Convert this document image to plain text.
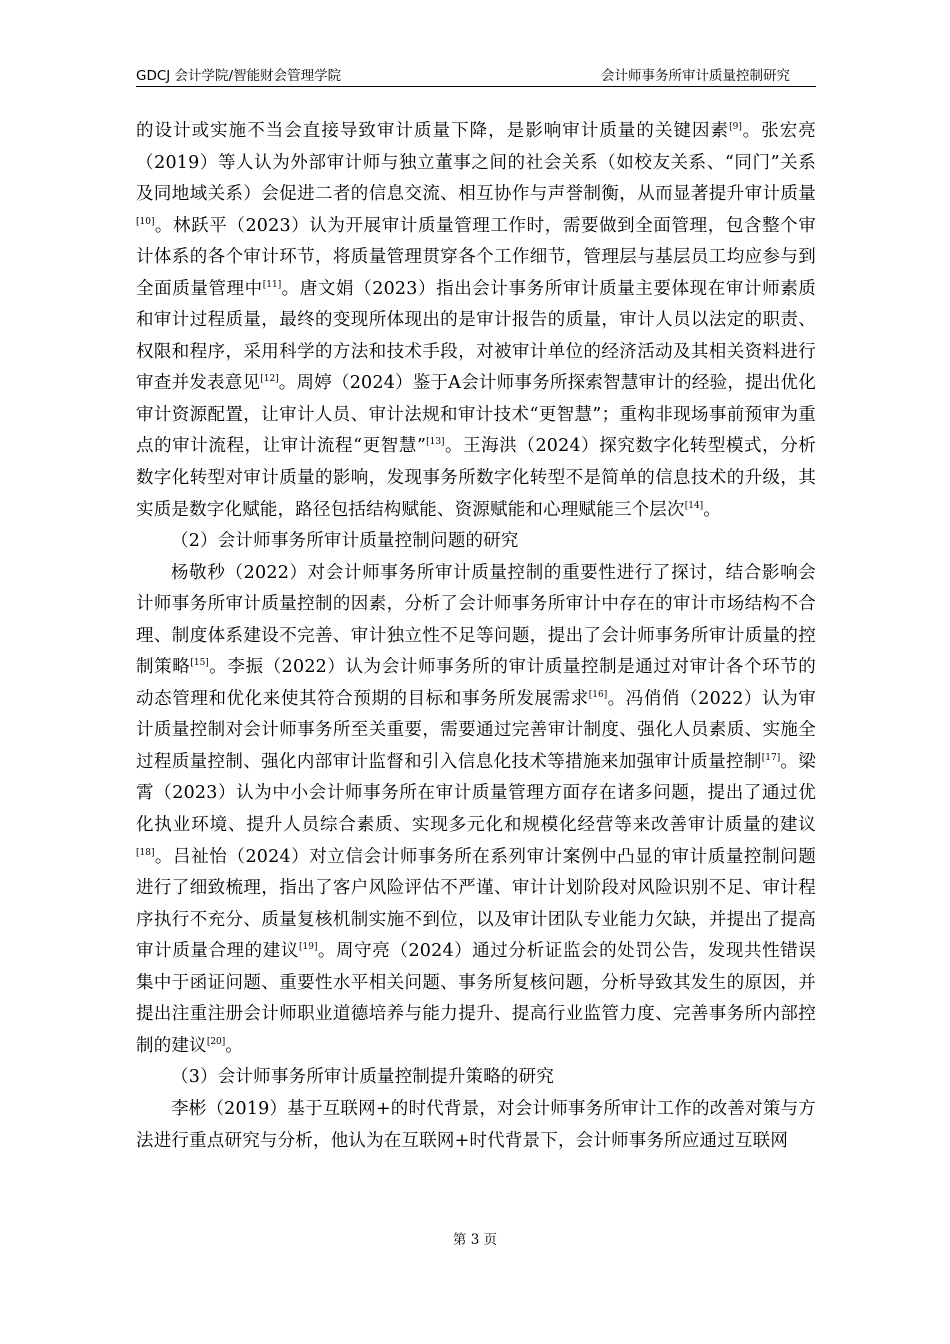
GDCJ 会计学院/智能财会管理学院	会计师事务所审计质量控制研究

的设计或实施不当会直接导致审计质量下降，是影响审计质量的关键因素[9]。张宏亮（2019）等人认为外部审计师与独立董事之间的社会关系（如校友关系、“同门”关系及同地域关系）会促进二者的信息交流、相互协作与声誉制衡，从而显著提升审计质量[10]。林跃平（2023）认为开展审计质量管理工作时，需要做到全面管理，包含整个审计体系的各个审计环节，将质量管理贯穿各个工作细节，管理层与基层员工均应参与到全面质量管理中[11]。唐文娟（2023）指出会计事务所审计质量主要体现在审计师素质和审计过程质量，最终的变现所体现出的是审计报告的质量，审计人员以法定的职责、权限和程序，采用科学的方法和技术手段，对被审计单位的经济活动及其相关资料进行审查并发表意见[12]。周婷（2024）鉴于A会计师事务所探索智慧审计的经验，提出优化审计资源配置，让审计人员、审计法规和审计技术“更智慧”；重构非现场事前预审为重点的审计流程，让审计流程“更智慧”[13]。王海洪（2024）探究数字化转型模式，分析数字化转型对审计质量的影响，发现事务所数字化转型不是简单的信息技术的升级，其实质是数字化赋能，路径包括结构赋能、资源赋能和心理赋能三个层次[14]。

（2）会计师事务所审计质量控制问题的研究

杨敬秒（2022）对会计师事务所审计质量控制的重要性进行了探讨，结合影响会计师事务所审计质量控制的因素，分析了会计师事务所审计中存在的审计市场结构不合理、制度体系建设不完善、审计独立性不足等问题，提出了会计师事务所审计质量的控制策略[15]。李振（2022）认为会计师事务所的审计质量控制是通过对审计各个环节的动态管理和优化来使其符合预期的目标和事务所发展需求[16]。冯俏俏（2022）认为审计质量控制对会计师事务所至关重要，需要通过完善审计制度、强化人员素质、实施全过程质量控制、强化内部审计监督和引入信息化技术等措施来加强审计质量控制[17]。梁霄（2023）认为中小会计师事务所在审计质量管理方面存在诸多问题，提出了通过优化执业环境、提升人员综合素质、实现多元化和规模化经营等来改善审计质量的建议[18]。吕祉怡（2024）对立信会计师事务所在系列审计案例中凸显的审计质量控制问题进行了细致梳理，指出了客户风险评估不严谨、审计计划阶段对风险识别不足、审计程序执行不充分、质量复核机制实施不到位，以及审计团队专业能力欠缺，并提出了提高审计质量合理的建议[19]。周守亮（2024）通过分析证监会的处罚公告，发现共性错误集中于函证问题、重要性水平相关问题、事务所复核问题，分析导致其发生的原因，并提出注重注册会计师职业道德培养与能力提升、提高行业监管力度、完善事务所内部控制的建议[20]。

（3）会计师事务所审计质量控制提升策略的研究

李彬（2019）基于互联网+的时代背景，对会计师事务所审计工作的改善对策与方法进行重点研究与分析，他认为在互联网+时代背景下，会计师事务所应通过互联网

第 3 页
